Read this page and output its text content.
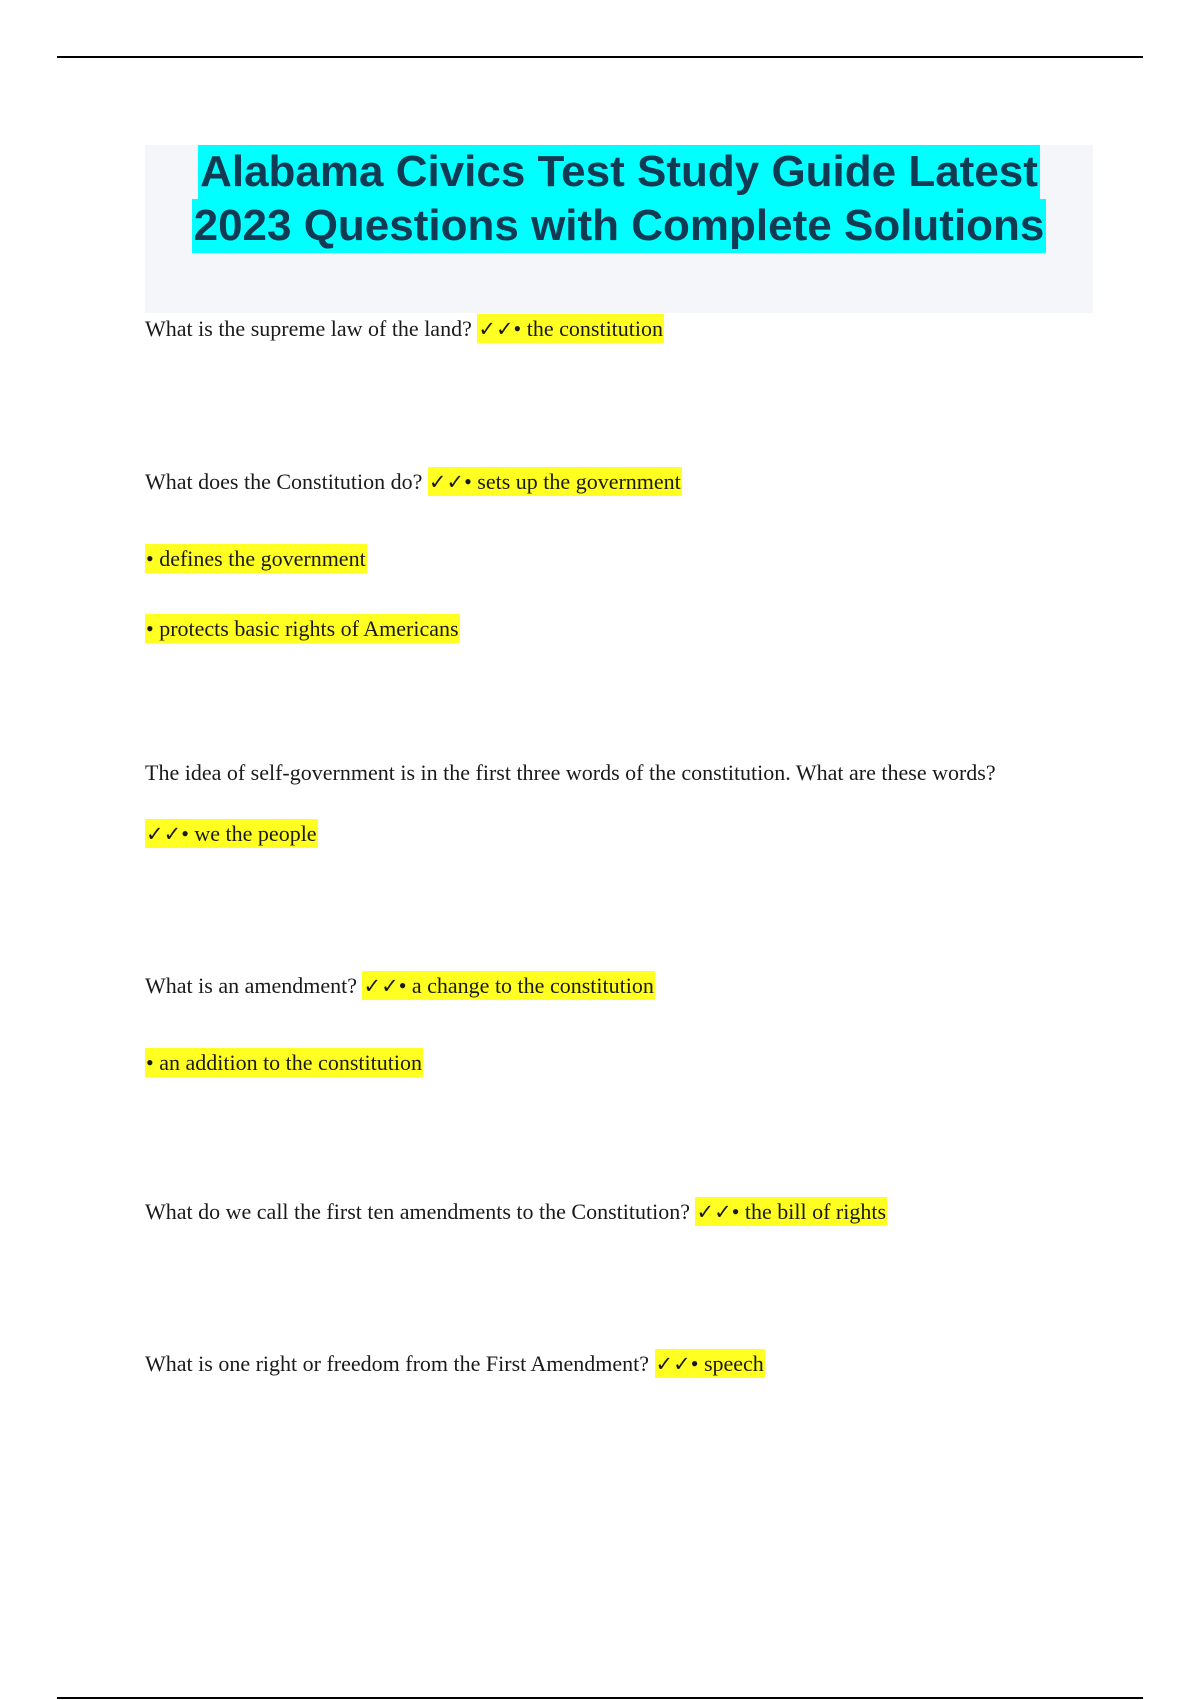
Alabama Civics Test Study Guide Latest
2023 Questions with Complete Solutions
What is the supreme law of the land? ✓✓• the constitution
What does the Constitution do? ✓✓• sets up the government
• defines the government
• protects basic rights of Americans
The idea of self-government is in the first three words of the constitution. What are these words?
✓✓• we the people
What is an amendment? ✓✓• a change to the constitution
• an addition to the constitution
What do we call the first ten amendments to the Constitution? ✓✓• the bill of rights
What is one right or freedom from the First Amendment? ✓✓• speech
